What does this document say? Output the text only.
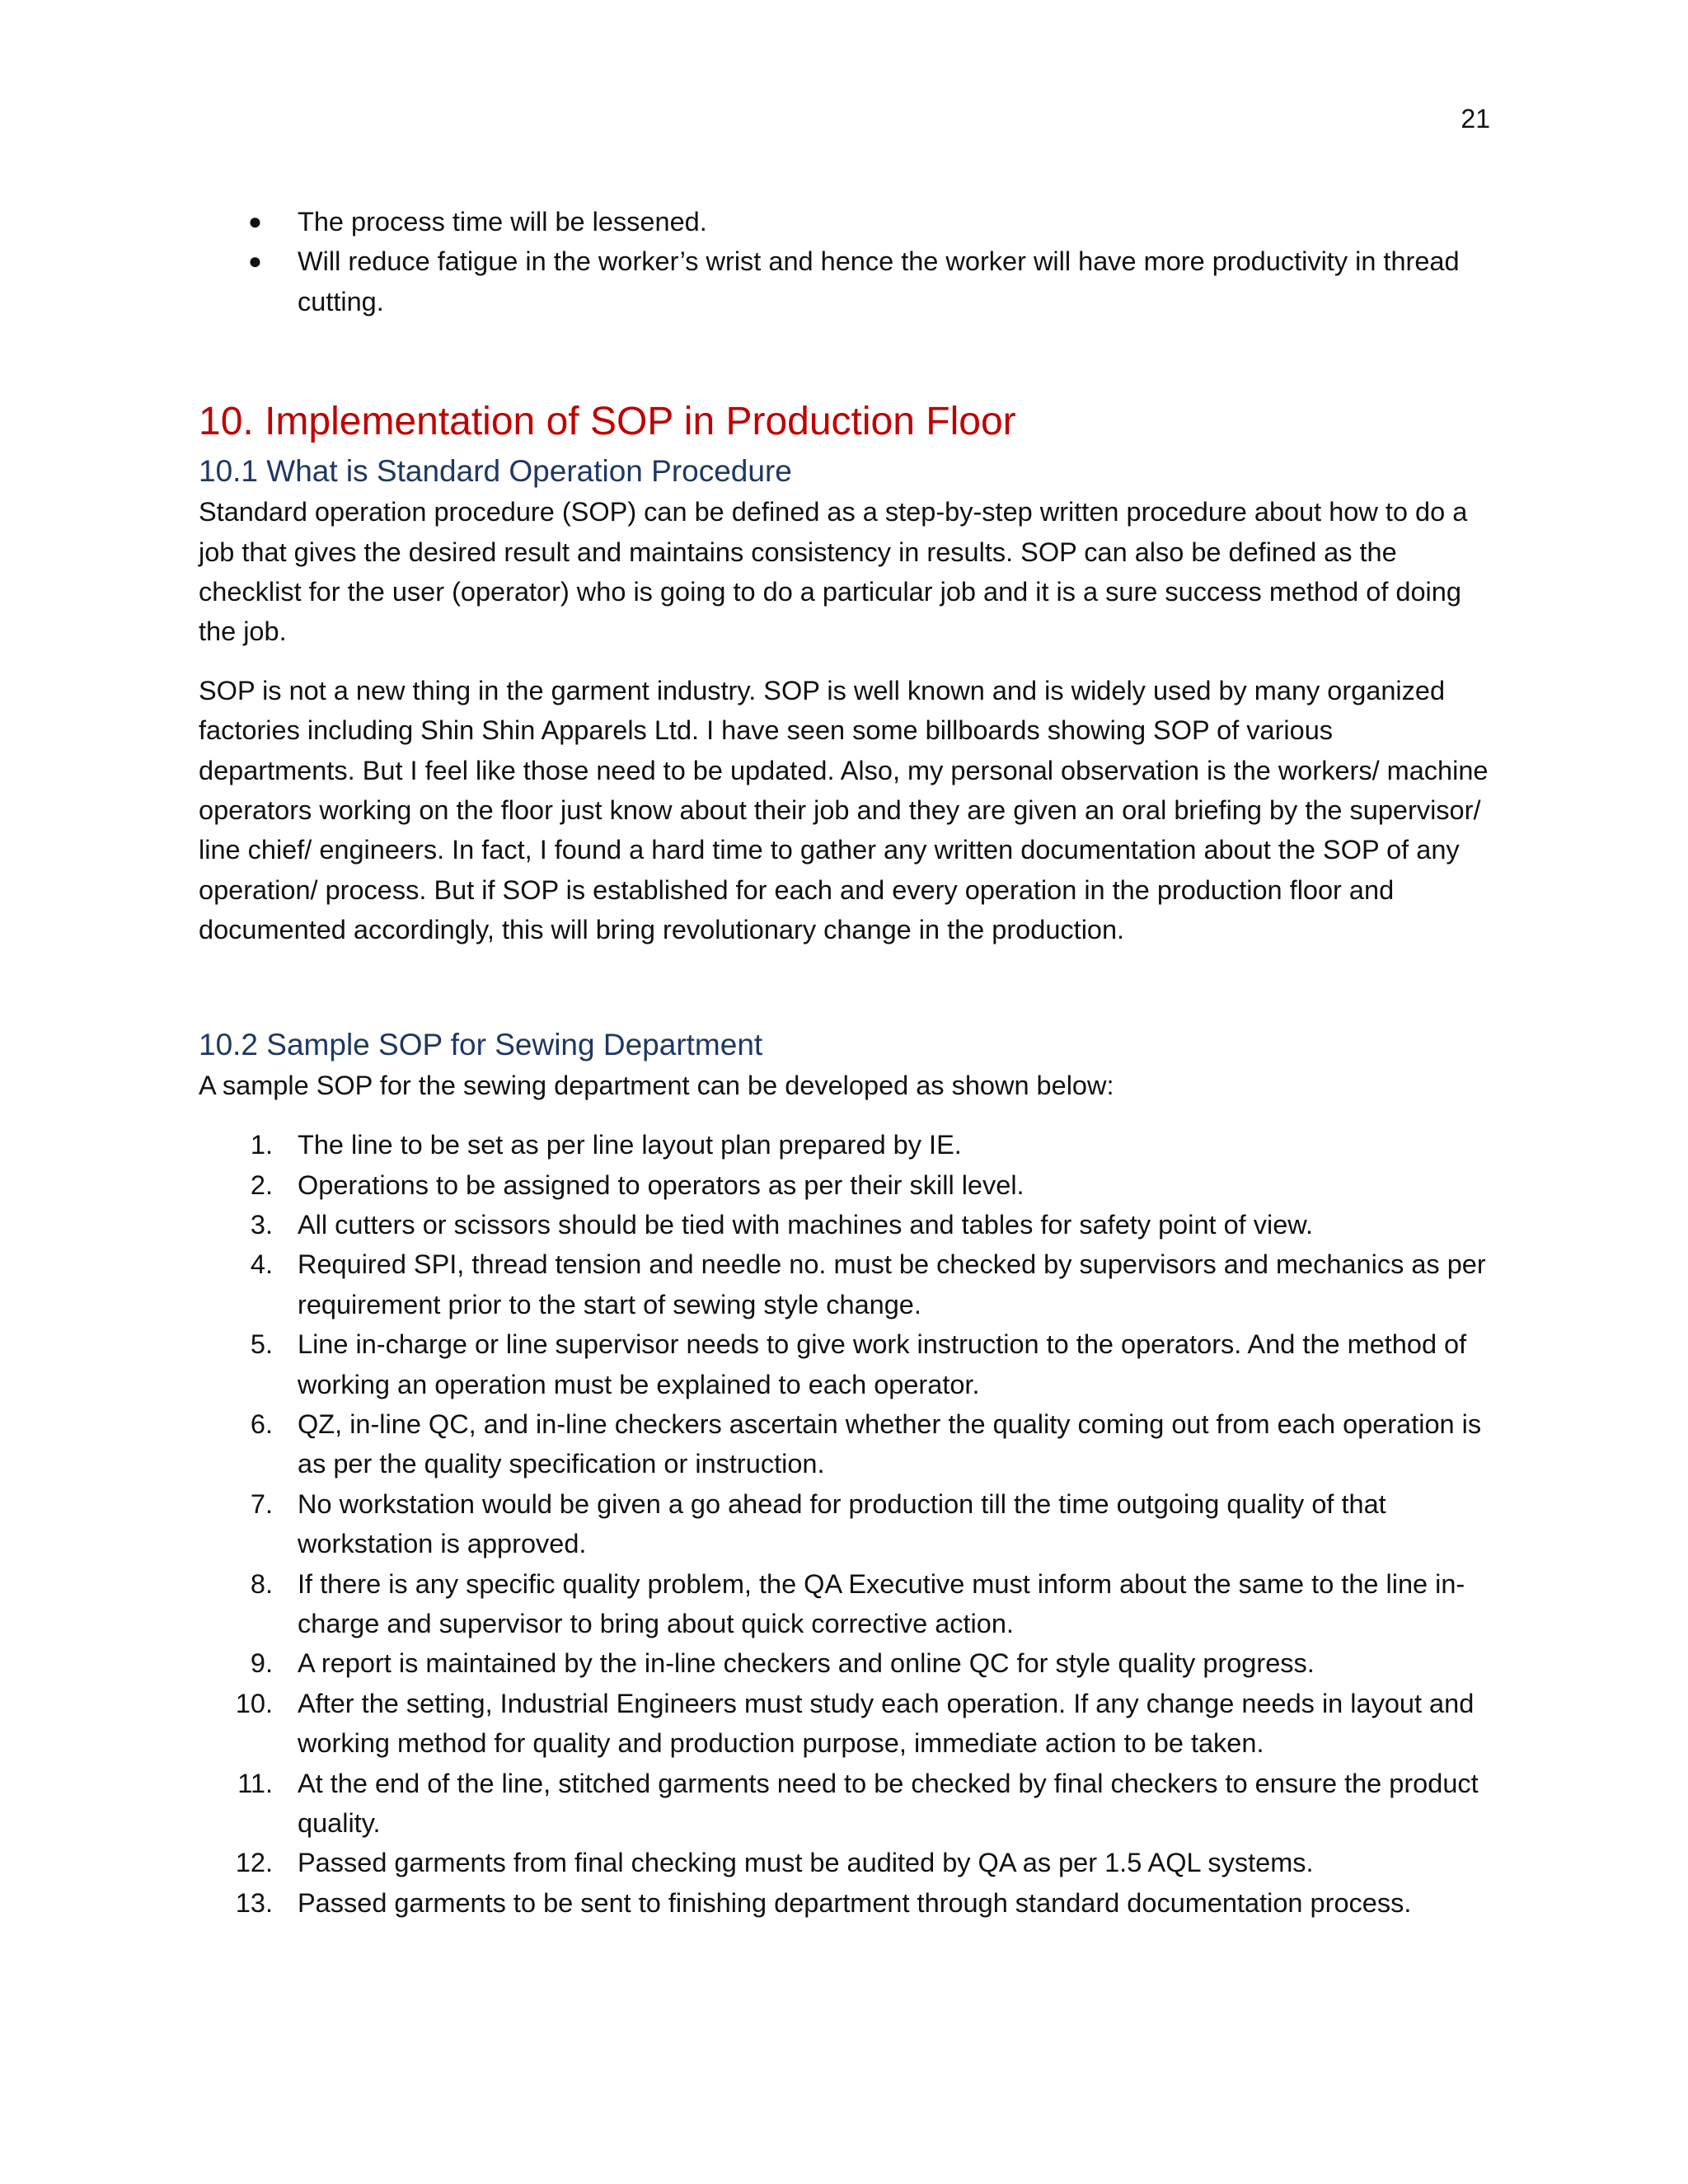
21
● The process time will be lessened.
● Will reduce fatigue in the worker’s wrist and hence the worker will have more productivity in thread cutting.
10. Implementation of SOP in Production Floor
10.1 What is Standard Operation Procedure

Standard operation procedure (SOP) can be defined as a step-by-step written procedure about how to do a job that gives the desired result and maintains consistency in results. SOP can also be defined as the checklist for the user (operator) who is going to do a particular job and it is a sure success method of doing the job.

SOP is not a new thing in the garment industry. SOP is well known and is widely used by many organized factories including Shin Shin Apparels Ltd. I have seen some billboards showing SOP of various departments. But I feel like those need to be updated. Also, my personal observation is the workers/ machine operators working on the floor just know about their job and they are given an oral briefing by the supervisor/ line chief/ engineers. In fact, I found a hard time to gather any written documentation about the SOP of any operation/ process. But if SOP is established for each and every operation in the production floor and documented accordingly, this will bring revolutionary change in the production.

10.2 Sample SOP for Sewing Department

A sample SOP for the sewing department can be developed as shown below:

1. The line to be set as per line layout plan prepared by IE.
2. Operations to be assigned to operators as per their skill level.
3. All cutters or scissors should be tied with machines and tables for safety point of view.
4. Required SPI, thread tension and needle no. must be checked by supervisors and mechanics as per requirement prior to the start of sewing style change.
5. Line in-charge or line supervisor needs to give work instruction to the operators. And the method of working an operation must be explained to each operator.
6. QZ, in-line QC, and in-line checkers ascertain whether the quality coming out from each operation is as per the quality specification or instruction.
7. No workstation would be given a go ahead for production till the time outgoing quality of that workstation is approved.
8. If there is any specific quality problem, the QA Executive must inform about the same to the line in-charge and supervisor to bring about quick corrective action.
9. A report is maintained by the in-line checkers and online QC for style quality progress.
10. After the setting, Industrial Engineers must study each operation. If any change needs in layout and working method for quality and production purpose, immediate action to be taken.
11. At the end of the line, stitched garments need to be checked by final checkers to ensure the product quality.
12. Passed garments from final checking must be audited by QA as per 1.5 AQL systems.
13. Passed garments to be sent to finishing department through standard documentation process.
